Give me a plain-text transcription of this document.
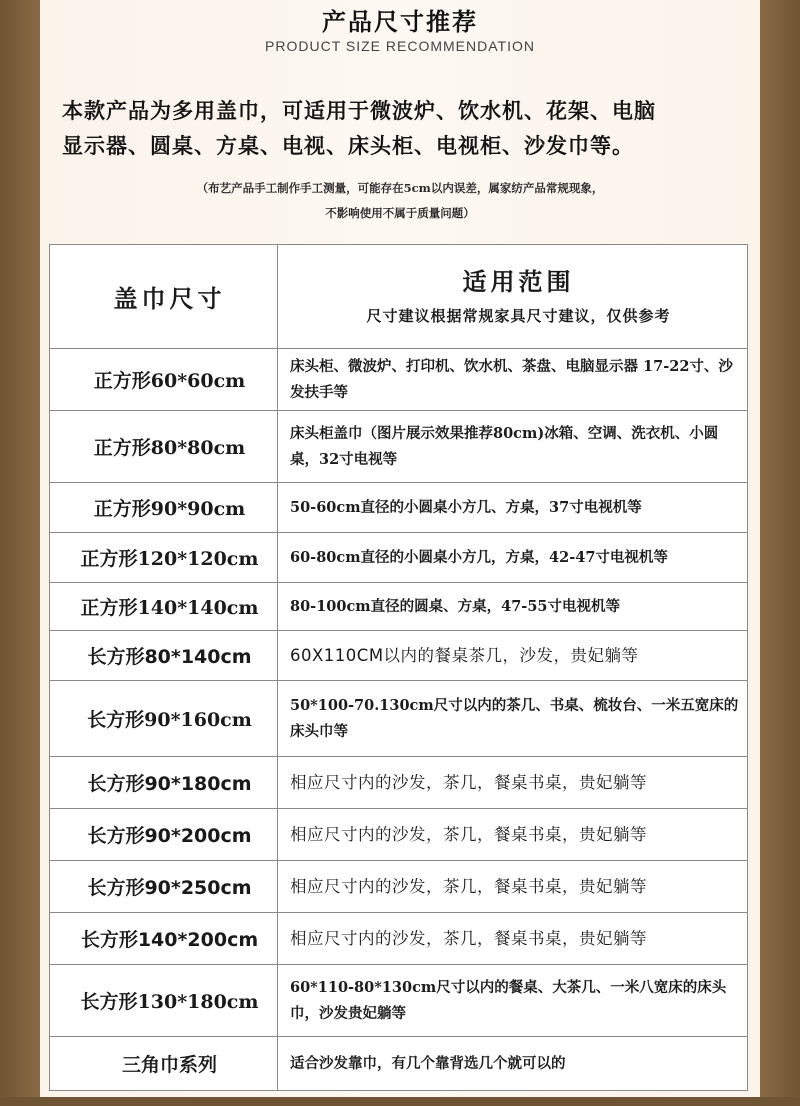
产品尺寸推荐
PRODUCT SIZE RECOMMENDATION
本款产品为多用盖巾，可适用于微波炉、饮水机、花架、电脑
显示器、圆桌、方桌、电视、床头柜、电视柜、沙发巾等。
（布艺产品手工制作手工测量，可能存在5cm以内误差，属家纺产品常规现象，
不影响使用不属于质量问题）
盖巾尺寸	适用范围
尺寸建议根据常规家具尺寸建议，仅供参考

正方形60*60cm	床头柜、微波炉、打印机、饮水机、茶盘、电脑显示器 17-22寸、沙发扶手等
正方形80*80cm	床头柜盖巾（图片展示效果推荐80cm)冰箱、空调、洗衣机、小圆桌，32寸电视等
正方形90*90cm	50-60cm直径的小圆桌小方几、方桌，37寸电视机等
正方形120*120cm	60-80cm直径的小圆桌小方几，方桌，42-47寸电视机等
正方形140*140cm	80-100cm直径的圆桌、方桌，47-55寸电视机等
长方形80*140cm	60X110CM以内的餐桌茶几，沙发，贵妃躺等
长方形90*160cm	50*100-70.130cm尺寸以内的茶几、书桌、梳妆台、一米五宽床的床头巾等
长方形90*180cm	相应尺寸内的沙发，茶几，餐桌书桌，贵妃躺等
长方形90*200cm	相应尺寸内的沙发，茶几，餐桌书桌，贵妃躺等
长方形90*250cm	相应尺寸内的沙发，茶几，餐桌书桌，贵妃躺等
长方形140*200cm	相应尺寸内的沙发，茶几，餐桌书桌，贵妃躺等
长方形130*180cm	60*110-80*130cm尺寸以内的餐桌、大茶几、一米八宽床的床头巾，沙发贵妃躺等
三角巾系列	适合沙发靠巾，有几个靠背选几个就可以的
